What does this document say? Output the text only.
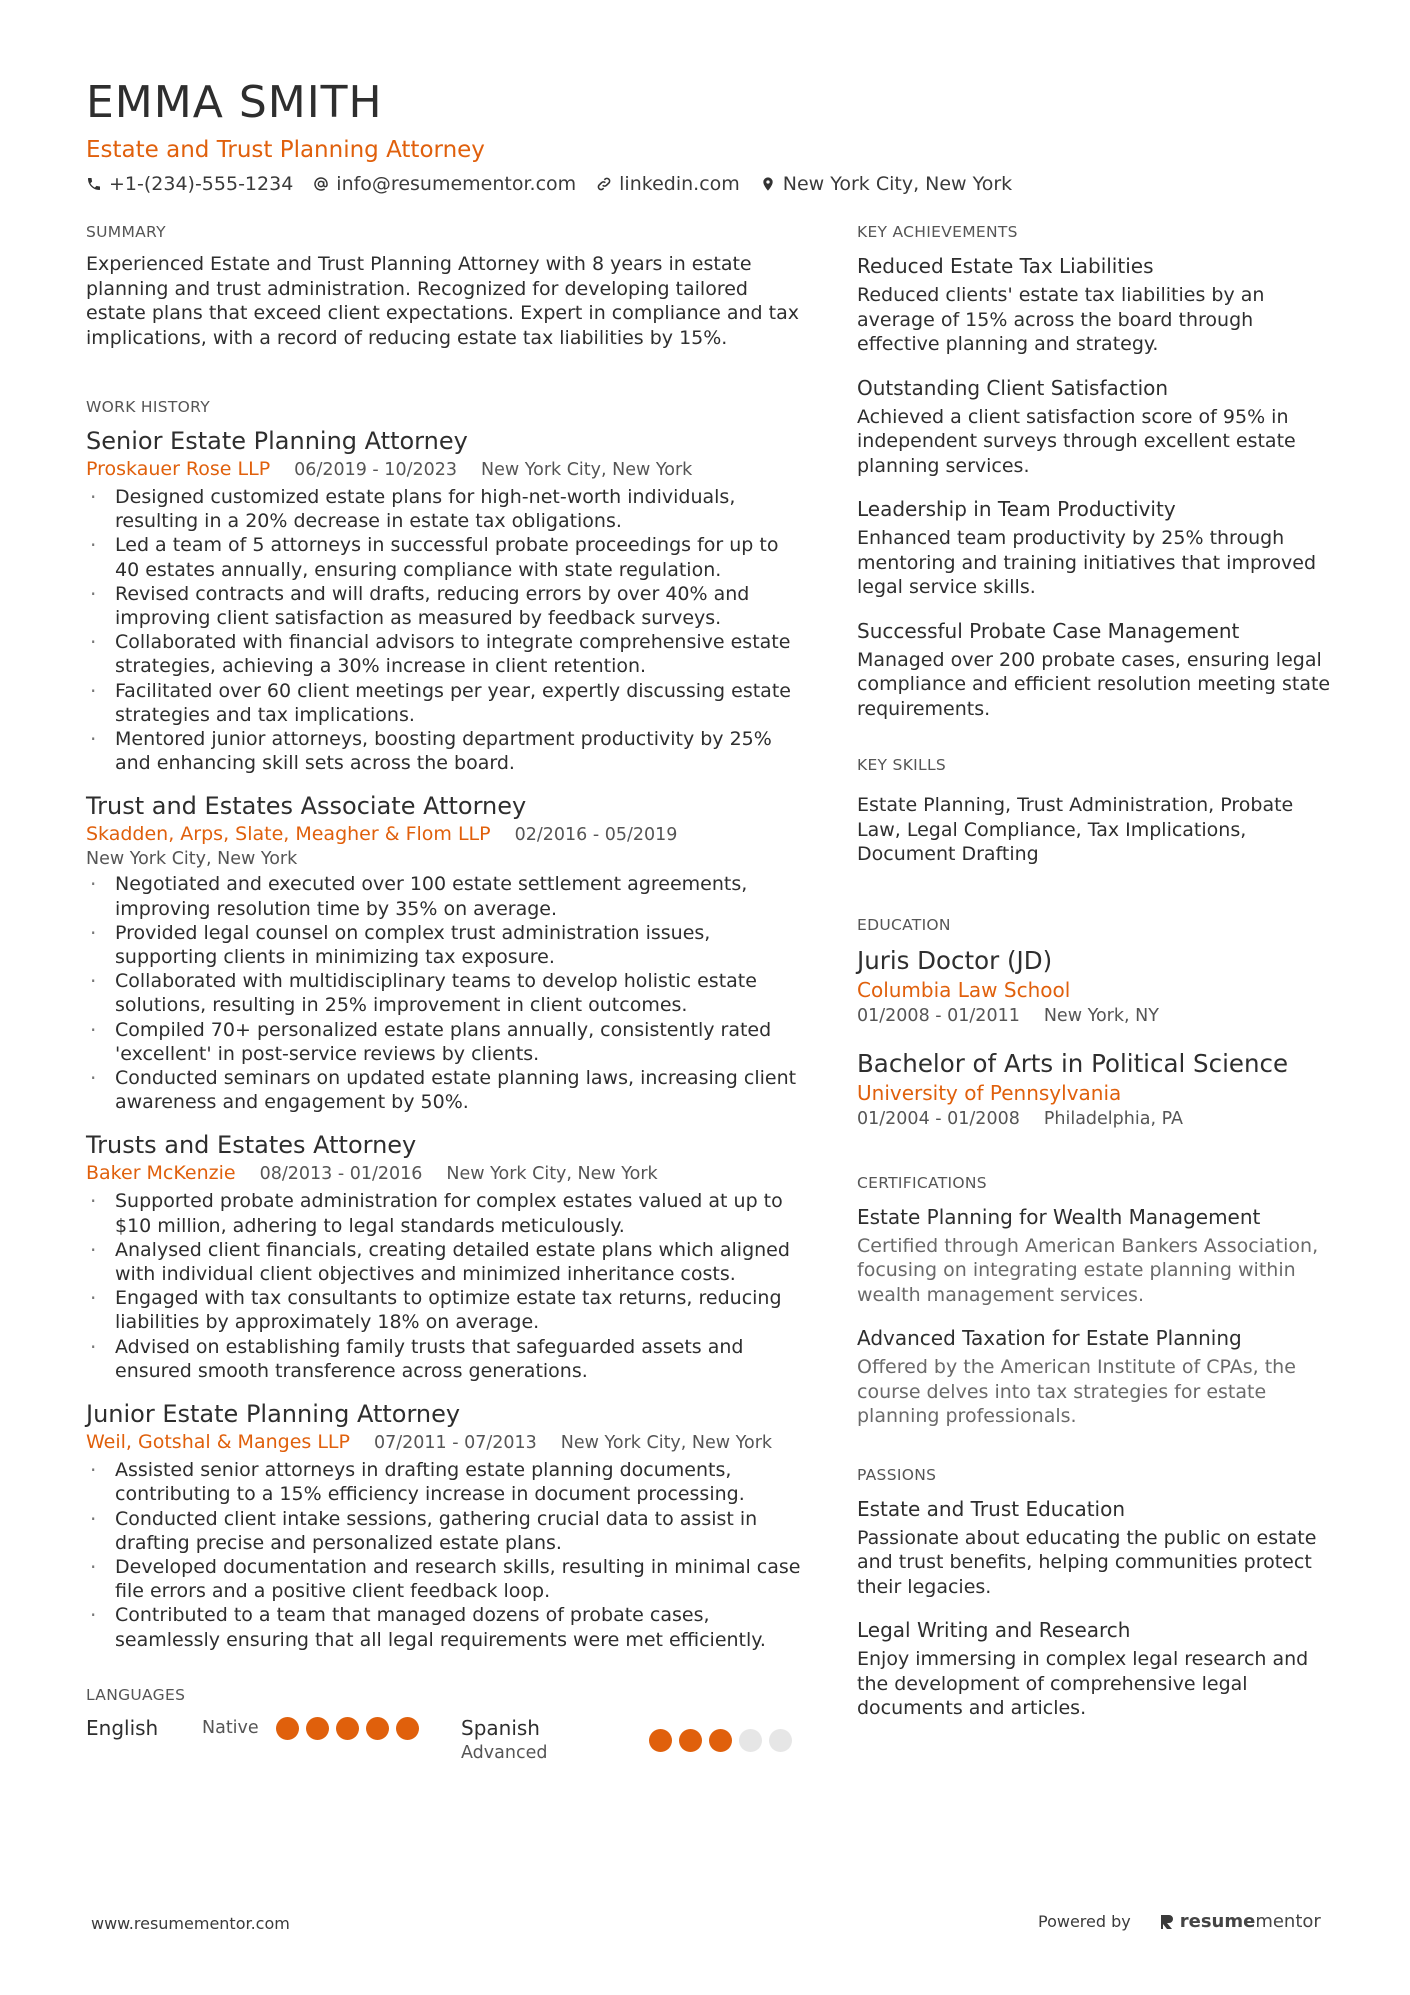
EMMA SMITH
Estate and Trust Planning Attorney
+1-(234)-555-1234 info@resumementor.com linkedin.com New York City, New York
SUMMARY
Experienced Estate and Trust Planning Attorney with 8 years in estate planning and trust administration. Recognized for developing tailored estate plans that exceed client expectations. Expert in compliance and tax implications, with a record of reducing estate tax liabilities by 15%.
WORK HISTORY
Senior Estate Planning Attorney
Proskauer Rose LLP 06/2019 - 10/2023 New York City, New York
· Designed customized estate plans for high-net-worth individuals, resulting in a 20% decrease in estate tax obligations.
· Led a team of 5 attorneys in successful probate proceedings for up to 40 estates annually, ensuring compliance with state regulation.
· Revised contracts and will drafts, reducing errors by over 40% and improving client satisfaction as measured by feedback surveys.
· Collaborated with financial advisors to integrate comprehensive estate strategies, achieving a 30% increase in client retention.
· Facilitated over 60 client meetings per year, expertly discussing estate strategies and tax implications.
· Mentored junior attorneys, boosting department productivity by 25% and enhancing skill sets across the board.
Trust and Estates Associate Attorney
Skadden, Arps, Slate, Meagher & Flom LLP 02/2016 - 05/2019
New York City, New York
· Negotiated and executed over 100 estate settlement agreements, improving resolution time by 35% on average.
· Provided legal counsel on complex trust administration issues, supporting clients in minimizing tax exposure.
· Collaborated with multidisciplinary teams to develop holistic estate solutions, resulting in 25% improvement in client outcomes.
· Compiled 70+ personalized estate plans annually, consistently rated 'excellent' in post-service reviews by clients.
· Conducted seminars on updated estate planning laws, increasing client awareness and engagement by 50%.
Trusts and Estates Attorney
Baker McKenzie 08/2013 - 01/2016 New York City, New York
· Supported probate administration for complex estates valued at up to $10 million, adhering to legal standards meticulously.
· Analysed client financials, creating detailed estate plans which aligned with individual client objectives and minimized inheritance costs.
· Engaged with tax consultants to optimize estate tax returns, reducing liabilities by approximately 18% on average.
· Advised on establishing family trusts that safeguarded assets and ensured smooth transference across generations.
Junior Estate Planning Attorney
Weil, Gotshal & Manges LLP 07/2011 - 07/2013 New York City, New York
· Assisted senior attorneys in drafting estate planning documents, contributing to a 15% efficiency increase in document processing.
· Conducted client intake sessions, gathering crucial data to assist in drafting precise and personalized estate plans.
· Developed documentation and research skills, resulting in minimal case file errors and a positive client feedback loop.
· Contributed to a team that managed dozens of probate cases, seamlessly ensuring that all legal requirements were met efficiently.
LANGUAGES
English	Native	Spanish
Advanced
KEY ACHIEVEMENTS
Reduced Estate Tax Liabilities
Reduced clients' estate tax liabilities by an average of 15% across the board through effective planning and strategy.
Outstanding Client Satisfaction
Achieved a client satisfaction score of 95% in independent surveys through excellent estate planning services.
Leadership in Team Productivity
Enhanced team productivity by 25% through mentoring and training initiatives that improved legal service skills.
Successful Probate Case Management
Managed over 200 probate cases, ensuring legal compliance and efficient resolution meeting state requirements.
KEY SKILLS
Estate Planning, Trust Administration, Probate Law, Legal Compliance, Tax Implications, Document Drafting
EDUCATION
Juris Doctor (JD)
Columbia Law School
01/2008 - 01/2011 New York, NY
Bachelor of Arts in Political Science
University of Pennsylvania
01/2004 - 01/2008 Philadelphia, PA
CERTIFICATIONS
Estate Planning for Wealth Management
Certified through American Bankers Association, focusing on integrating estate planning within wealth management services.
Advanced Taxation for Estate Planning
Offered by the American Institute of CPAs, the course delves into tax strategies for estate planning professionals.
PASSIONS
Estate and Trust Education
Passionate about educating the public on estate and trust benefits, helping communities protect their legacies.
Legal Writing and Research
Enjoy immersing in complex legal research and the development of comprehensive legal documents and articles.
www.resumementor.com	Powered by	resume mentor
